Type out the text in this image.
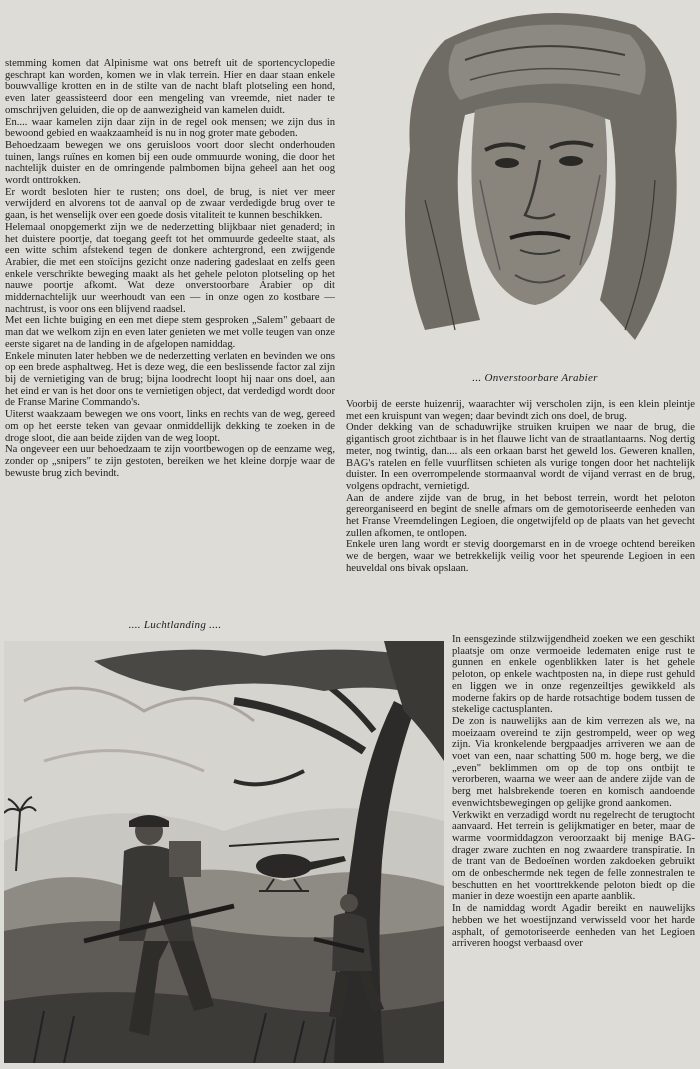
... Onverstoorbare Arabier

stemming komen dat Alpinisme wat ons betreft uit de sportencyclopedie geschrapt kan worden, komen we in vlak terrein. Hier en daar staan enkele bouwvallige krotten en in de stilte van de nacht blaft plotseling een hond, even later geassisteerd door een mengeling van vreemde, niet nader te omschrijven geluiden, die op de aanwezigheid van kamelen duidt.

En.... waar kamelen zijn daar zijn in de regel ook mensen; we zijn dus in bewoond gebied en waakzaamheid is nu in nog groter mate geboden.

Behoedzaam bewegen we ons geruisloos voort door slecht onderhouden tuinen, langs ruïnes en komen bij een oude ommuurde woning, die door het nachtelijk duister en de omringende palmbomen bijna geheel aan het oog wordt onttrokken.

Er wordt besloten hier te rusten; ons doel, de brug, is niet ver meer verwijderd en alvorens tot de aanval op de zwaar verdedigde brug over te gaan, is het wenselijk over een goede dosis vitaliteit te kunnen beschikken.

Helemaal onopgemerkt zijn we de nederzetting blijkbaar niet genaderd; in het duistere poortje, dat toegang geeft tot het ommuurde gedeelte staat, als een witte schim afstekend tegen de donkere achtergrond, een zwijgende Arabier, die met een stoïcijns gezicht onze nadering gadeslaat en zelfs geen enkele verschrikte beweging maakt als het gehele peloton plotseling op het nauwe poortje afkomt. Wat deze onverstoorbare Arabier op dit middernachtelijk uur weerhoudt van een — in onze ogen zo kostbare — nachtrust, is voor ons een blijvend raadsel.

Met een lichte buiging en een met diepe stem gesproken „Salem" gebaart de man dat we welkom zijn en even later genieten we met volle teugen van onze eerste sigaret na de landing in de afgelopen namiddag.

Enkele minuten later hebben we de nederzetting verlaten en bevinden we ons op een brede asphaltweg. Het is deze weg, die een beslissende factor zal zijn bij de vernietiging van de brug; bijna loodrecht loopt hij naar ons doel, aan het eind er van is het door ons te vernietigen object, dat verdedigd wordt door de Franse Marine Commando's.

Uiterst waakzaam bewegen we ons voort, links en rechts van de weg, gereed om op het eerste teken van gevaar onmiddellijk dekking te zoeken in de droge sloot, die aan beide zijden van de weg loopt.

Na ongeveer een uur behoedzaam te zijn voortbewogen op de eenzame weg, zonder op „snipers" te zijn gestoten, bereiken we het kleine dorpje waar de bewuste brug zich bevindt.

.... Luchtlanding ....

Voorbij de eerste huizenrij, waarachter wij verscholen zijn, is een klein pleintje met een kruispunt van wegen; daar bevindt zich ons doel, de brug.

Onder dekking van de schaduwrijke struiken kruipen we naar de brug, die gigantisch groot zichtbaar is in het flauwe licht van de straatlantaarns. Nog dertig meter, nog twintig, dan.... als een orkaan barst het geweld los. Geweren knallen, BAG's ratelen en felle vuurflitsen schieten als vurige tongen door het nachtelijk duister. In een overrompelende stormaanval wordt de vijand verrast en de brug, volgens opdracht, vernietigd.

Aan de andere zijde van de brug, in het bebost terrein, wordt het peloton gereorganiseerd en begint de snelle afmars om de gemotoriseerde eenheden van het Franse Vreemdelingen Legioen, die ongetwijfeld op de plaats van het gevecht zullen afkomen, te ontlopen.

Enkele uren lang wordt er stevig doorgemarst en in de vroege ochtend bereiken we de bergen, waar we betrekkelijk veilig voor het speurende Legioen in een heuveldal ons bivak opslaan.

In eensgezinde stilzwijgendheid zoeken we een geschikt plaatsje om onze vermoeide ledematen enige rust te gunnen en enkele ogenblikken later is het gehele peloton, op enkele wachtposten na, in diepe rust gehuld en liggen we in onze regenzeiltjes gewikkeld als moderne fakirs op de harde rotsachtige bodem tussen de stekelige cactusplanten.

De zon is nauwelijks aan de kim verrezen als we, na moeizaam overeind te zijn gestrompeld, weer op weg zijn. Via kronkelende bergpaadjes arriveren we aan de voet van een, naar schatting 500 m. hoge berg, we die „even" beklimmen om op de top ons ontbijt te verorberen, waarna we weer aan de andere zijde van de berg met halsbrekende toeren en komisch aandoende evenwichtsbewegingen op gelijke grond aankomen.

Verkwikt en verzadigd wordt nu regelrecht de terugtocht aanvaard. Het terrein is gelijkmatiger en beter, maar de warme voormiddagzon veroorzaakt bij menige BAG-drager zware zuchten en nog zwaardere transpiratie. In de trant van de Bedoeïnen worden zakdoeken gebruikt om de onbeschermde nek tegen de felle zonnestralen te beschutten en het voorttrekkende peloton biedt op die manier in deze woestijn een aparte aanblik.

In de namiddag wordt Agadir bereikt en nauwelijks hebben we het woestijnzand verwisseld voor het harde asphalt, of gemotoriseerde eenheden van het Legioen arriveren hoogst verbaasd over
